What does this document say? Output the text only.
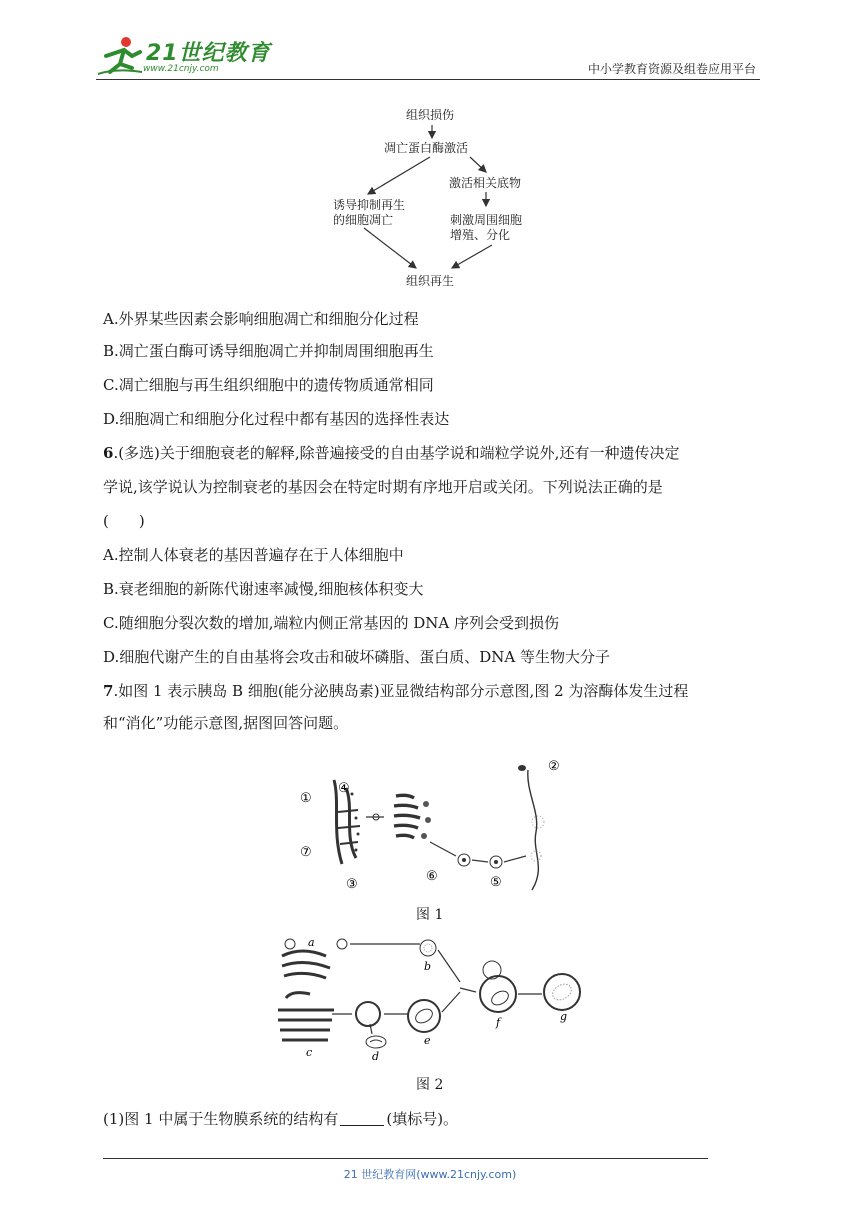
21世纪教育
www.21cnjy.com	中小学教育资源及组卷应用平台
组织损伤
凋亡蛋白酶激活
激活相关底物
诱导抑制再生
的细胞凋亡	刺激周围细胞
增殖、分化
组织再生
A.外界某些因素会影响细胞凋亡和细胞分化过程
B.凋亡蛋白酶可诱导细胞凋亡并抑制周围细胞再生
C.凋亡细胞与再生组织细胞中的遗传物质通常相同
D.细胞凋亡和细胞分化过程中都有基因的选择性表达
6.(多选)关于细胞衰老的解释,除普遍接受的自由基学说和端粒学说外,还有一种遗传决定
学说,该学说认为控制衰老的基因会在特定时期有序地开启或关闭。下列说法正确的是
(　　)
A.控制人体衰老的基因普遍存在于人体细胞中
B.衰老细胞的新陈代谢速率减慢,细胞核体积变大
C.随细胞分裂次数的增加,端粒内侧正常基因的 DNA 序列会受到损伤
D.细胞代谢产生的自由基将会攻击和破坏磷脂、蛋白质、DNA 等生物大分子
7.如图 1 表示胰岛 B 细胞(能分泌胰岛素)亚显微结构部分示意图,图 2 为溶酶体发生过程
和“消化”功能示意图,据图回答问题。
①
②
③
④
⑤
⑥
⑦
图 1
a
b
c	d
e
f	g
图 2
(1)图 1 中属于生物膜系统的结构有	(填标号)。
21 世纪教育网(www.21cnjy.com)
